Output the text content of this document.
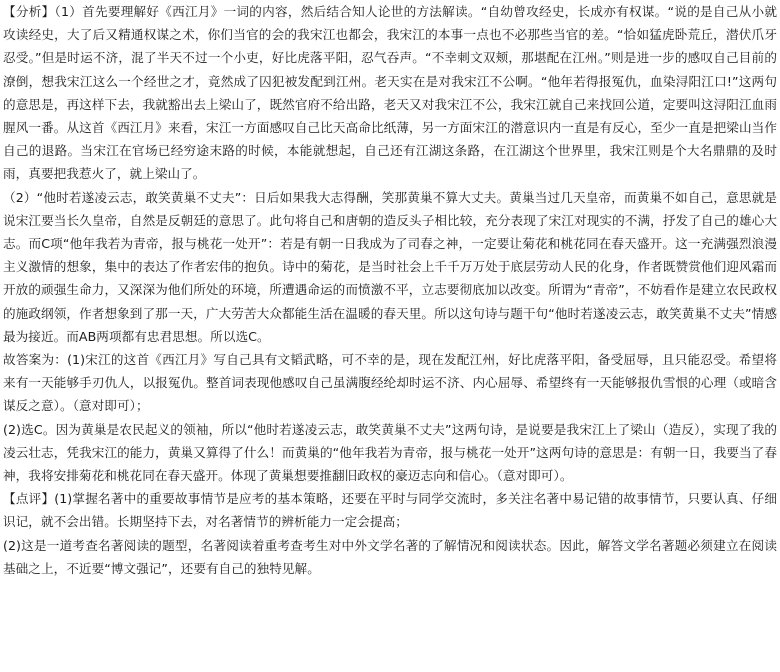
【分析】（1）首先要理解好《西江月》一词的内容，然后结合知人论世的方法解读。“自幼曾攻经史，长成亦有权谋。“说的是自己从小就攻读经史，大了后又精通权谋之术，你们当官的会的我宋江也都会，我宋江的本事一点也不必那些当官的差。“恰如猛虎卧荒丘，潜伏爪牙忍受。”但是时运不济，混了半天不过一个小吏，好比虎落平阳，忍气吞声。“不幸刺文双颊，那堪配在江州。”则是进一步的感叹自己目前的潦倒，想我宋江这么一个经世之才，竟然成了囚犯被发配到江州。老天实在是对我宋江不公啊。“他年若得报冤仇，血染浔阳江口!”这两句的意思是，再这样下去，我就豁出去上梁山了，既然官府不给出路，老天又对我宋江不公，我宋江就自己来找回公道，定要叫这浔阳江血雨腥风一番。从这首《西江月》来看，宋江一方面感叹自己比天高命比纸薄，另一方面宋江的潜意识内一直是有反心，至少一直是把梁山当作自己的退路。当宋江在官场已经穷途末路的时候，本能就想起，自己还有江湖这条路，在江湖这个世界里，我宋江则是个大名鼎鼎的及时雨，真要把我惹火了，就上梁山了。

（2）“他时若遂凌云志，敢笑黄巢不丈夫”：日后如果我大志得酬，笑那黄巢不算大丈夫。黄巢当过几天皇帝，而黄巢不如自己，意思就是说宋江要当长久皇帝，自然是反朝廷的意思了。此句将自己和唐朝的造反头子相比较，充分表现了宋江对现实的不满，抒发了自己的雄心大志。而C项“他年我若为青帝，报与桃花一处开”：若是有朝一日我成为了司春之神，一定要让菊花和桃花同在春天盛开。这一充满强烈浪漫主义激情的想象，集中的表达了作者宏伟的抱负。诗中的菊花，是当时社会上千千万万处于底层劳动人民的化身，作者既赞赏他们迎风霜而开放的顽强生命力，又深深为他们所处的环境，所遭遇命运的而愤激不平，立志要彻底加以改变。所谓为“青帝”，不妨看作是建立农民政权的施政纲领，作者想象到了那一天，广大劳苦大众都能生活在温暖的春天里。所以这句诗与题干句“他时若遂凌云志，敢笑黄巢不丈夫”情感最为接近。而AB两项都有忠君思想。所以选C。

故答案为：(1)宋江的这首《西江月》写自己具有文韬武略，可不幸的是，现在发配江州，好比虎落平阳，备受屈辱，且只能忍受。希望将来有一天能够手刃仇人，以报冤仇。整首词表现他感叹自己虽满腹经纶却时运不济、内心屈辱、希望终有一天能够报仇雪恨的心理（或暗含谋反之意）。（意对即可）；

(2)选C。因为黄巢是农民起义的领袖，所以“他时若遂凌云志，敢笑黄巢不丈夫”这两句诗，是说要是我宋江上了梁山（造反），实现了我的凌云壮志，凭我宋江的能力，黄巢又算得了什么！而黄巢的“他年我若为青帝，报与桃花一处开”这两句诗的意思是：有朝一日，我要当了春神，我将安排菊花和桃花同在春天盛开。体现了黄巢想要推翻旧政权的豪迈志向和信心。（意对即可）。

【点评】(1)掌握名著中的重要故事情节是应考的基本策略，还要在平时与同学交流时，多关注名著中易记错的故事情节，只要认真、仔细识记，就不会出错。长期坚持下去，对名著情节的辨析能力一定会提高；

(2)这是一道考查名著阅读的题型，名著阅读着重考查考生对中外文学名著的了解情况和阅读状态。因此，解答文学名著题必须建立在阅读基础之上，不近要“博文强记”，还要有自己的独特见解。
